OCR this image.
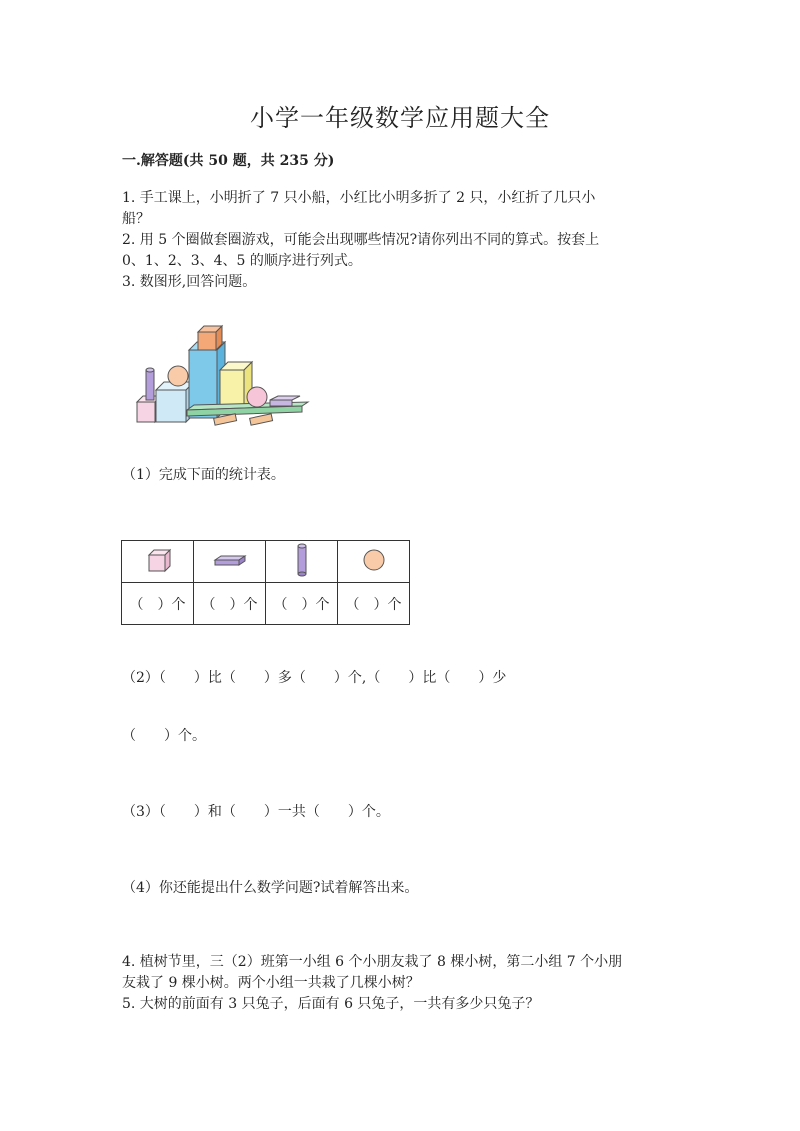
小学一年级数学应用题大全
一.解答题(共 50 题，共 235 分)
1. 手工课上，小明折了 7 只小船，小红比小明多折了 2 只，小红折了几只小
船？
2. 用 5 个圈做套圈游戏，可能会出现哪些情况?请你列出不同的算式。按套上
0、1、2、3、4、5 的顺序进行列式。
3. 数图形,回答问题。
（1）完成下面的统计表。

（　）个	（　）个	（　）个	（　）个
（2）（　　）比（　　）多（　　）个,（　　）比（　　）少
（　　）个。
（3）（　　）和（　　）一共（　　）个。
（4）你还能提出什么数学问题?试着解答出来。
4. 植树节里，三（2）班第一小组 6 个小朋友栽了 8 棵小树，第二小组 7 个小朋
友栽了 9 棵小树。两个小组一共栽了几棵小树？
5. 大树的前面有 3 只兔子，后面有 6 只兔子，一共有多少只兔子？
